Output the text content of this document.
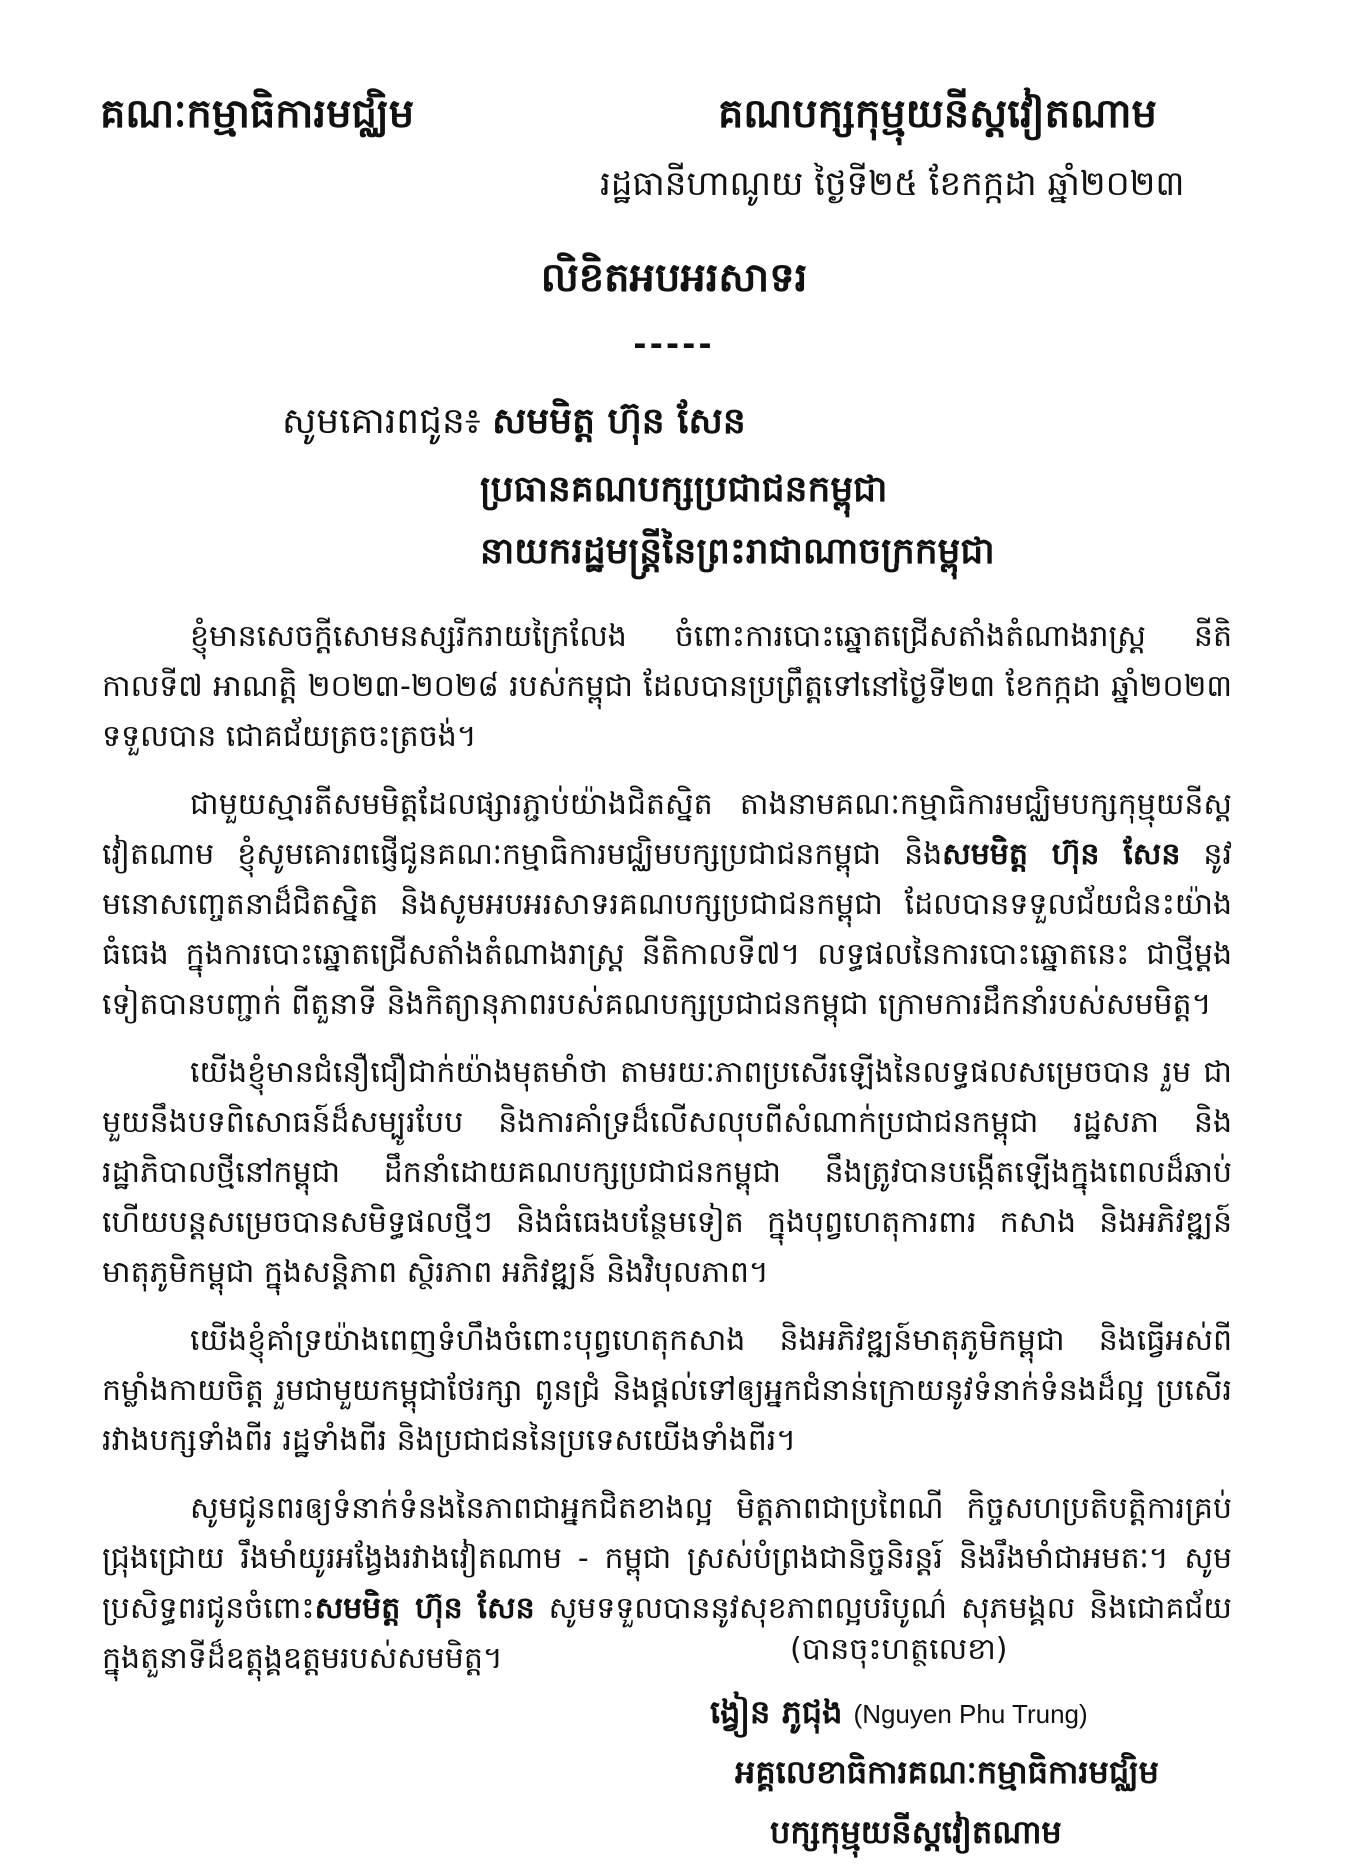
គណៈកម្មាធិការមជ្ឈិម	គណបក្សកុម្មុយនីស្តវៀតណាម
រដ្ឋធានីហាណូយ ថ្ងៃទី២៥ ខែកក្កដា ឆ្នាំ២០២៣
លិខិតអបអរសាទរ
-----
សូមគោរពជូន៖ សមមិត្ត ហ៊ុន សែន
ប្រធានគណបក្សប្រជាជនកម្ពុជា
នាយករដ្ឋមន្ត្រីនៃព្រះរាជាណាចក្រកម្ពុជា

ខ្ញុំមានសេចក្តីសោមនស្សរីករាយក្រៃលែង ចំពោះការបោះឆ្នោតជ្រើសតាំងតំណាងរាស្ត្រ នីតិកាលទី៧ អាណត្តិ ២០២៣-២០២៨ របស់កម្ពុជា ដែលបានប្រព្រឹត្តទៅនៅថ្ងៃទី២៣ ខែកក្កដា ឆ្នាំ២០២៣ ទទួលបាន ជោគជ័យត្រចះត្រចង់។

ជាមួយស្មារតីសមមិត្តដែលផ្សារភ្ជាប់យ៉ាងជិតស្និត តាងនាមគណៈកម្មាធិការមជ្ឈិមបក្សកុម្មុយនីស្ត វៀតណាម ខ្ញុំសូមគោរពផ្ញើជូនគណៈកម្មាធិការមជ្ឈិមបក្សប្រជាជនកម្ពុជា និងសមមិត្ត ហ៊ុន សែន នូវ មនោសញ្ចេតនាដ៏ជិតស្និត និងសូមអបអរសាទរគណបក្សប្រជាជនកម្ពុជា ដែលបានទទួលជ័យជំនះយ៉ាង ធំធេង ក្នុងការបោះឆ្នោតជ្រើសតាំងតំណាងរាស្ត្រ នីតិកាលទី៧។ លទ្ធផលនៃការបោះឆ្នោតនេះ ជាថ្មីម្តងទៀតបានបញ្ជាក់ ពីតួនាទី និងកិត្យានុភាពរបស់គណបក្សប្រជាជនកម្ពុជា ក្រោមការដឹកនាំរបស់សមមិត្ត។

យើងខ្ញុំមានជំនឿជឿជាក់យ៉ាងមុតមាំថា តាមរយៈភាពប្រសើរឡើងនៃលទ្ធផលសម្រេចបាន រួម ជាមួយនឹងបទពិសោធន៍ដ៏សម្បូរបែប និងការគាំទ្រដ៏លើសលុបពីសំណាក់ប្រជាជនកម្ពុជា រដ្ឋសភា និង រដ្ឋាភិបាលថ្មីនៅកម្ពុជា ដឹកនាំដោយគណបក្សប្រជាជនកម្ពុជា នឹងត្រូវបានបង្កើតឡើងក្នុងពេលដ៏ឆាប់ ហើយបន្តសម្រេចបានសមិទ្ធផលថ្មីៗ និងធំធេងបន្ថែមទៀត ក្នុងបុព្វហេតុការពារ កសាង និងអភិវឌ្ឍន៍ មាតុភូមិកម្ពុជា ក្នុងសន្តិភាព ស្ថិរភាព អភិវឌ្ឍន៍ និងវិបុលភាព។

យើងខ្ញុំគាំទ្រយ៉ាងពេញទំហឹងចំពោះបុព្វហេតុកសាង និងអភិវឌ្ឍន៍មាតុភូមិកម្ពុជា និងធ្វើអស់ពី កម្លាំងកាយចិត្ត រួមជាមួយកម្ពុជាថែរក្សា ពូនជ្រំ និងផ្តល់ទៅឲ្យអ្នកជំនាន់ក្រោយនូវទំនាក់ទំនងដ៏ល្អ ប្រសើររវាងបក្សទាំងពីរ រដ្ឋទាំងពីរ និងប្រជាជននៃប្រទេសយើងទាំងពីរ។

សូមជូនពរឲ្យទំនាក់ទំនងនៃភាពជាអ្នកជិតខាងល្អ មិត្តភាពជាប្រពៃណី កិច្ចសហប្រតិបត្តិការគ្រប់ ជ្រុងជ្រោយ រឹងមាំយូរអង្វែងរវាងវៀតណាម - កម្ពុជា ស្រស់បំព្រងជានិច្ចនិរន្តរ៍ និងរឹងមាំជាអមតៈ។ សូម ប្រសិទ្ធពរជូនចំពោះសមមិត្ត ហ៊ុន សែន សូមទទួលបាននូវសុខភាពល្អបរិបូណ៌ សុភមង្គល និងជោគជ័យ ក្នុងតួនាទីដ៏ឧត្តុង្គឧត្តមរបស់សមមិត្ត។	(បានចុះហត្ថលេខា)
ង្វៀន ភូជុង (Nguyen Phu Trung)
អគ្គលេខាធិការគណៈកម្មាធិការមជ្ឈិម
បក្សកុម្មុយនីស្តវៀតណាម
